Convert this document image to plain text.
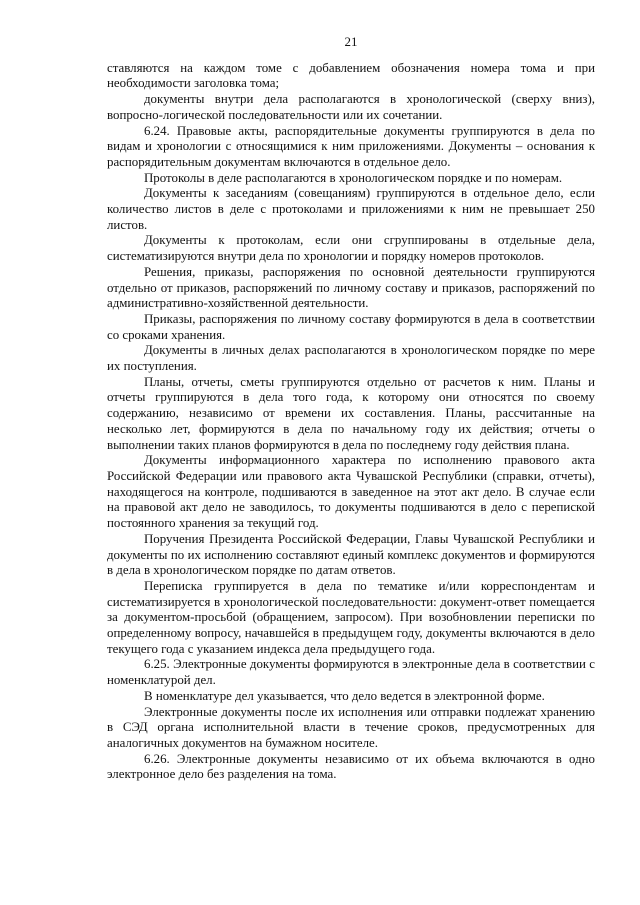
21

ставляются на каждом томе с добавлением обозначения номера тома и при необходимости заголовка тома;

документы внутри дела располагаются в хронологической (сверху вниз), вопросно-логической последовательности или их сочетании.

6.24. Правовые акты, распорядительные документы группируются в дела по видам и хронологии с относящимися к ним приложениями. Документы – основания к распорядительным документам включаются в отдельное дело.

Протоколы в деле располагаются в хронологическом порядке и по номерам.

Документы к заседаниям (совещаниям) группируются в отдельное дело, если количество листов в деле с протоколами и приложениями к ним не превышает 250 листов.

Документы к протоколам, если они сгруппированы в отдельные дела, систематизируются внутри дела по хронологии и порядку номеров протоколов.

Решения, приказы, распоряжения по основной деятельности группируются отдельно от приказов, распоряжений по личному составу и приказов, распоряжений по административно-хозяйственной деятельности.

Приказы, распоряжения по личному составу формируются в дела в соответствии со сроками хранения.

Документы в личных делах располагаются в хронологическом порядке по мере их поступления.

Планы, отчеты, сметы группируются отдельно от расчетов к ним. Планы и отчеты группируются в дела того года, к которому они относятся по своему содержанию, независимо от времени их составления. Планы, рассчитанные на несколько лет, формируются в дела по начальному году их действия; отчеты о выполнении таких планов формируются в дела по последнему году действия плана.

Документы информационного характера по исполнению правового акта Российской Федерации или правового акта Чувашской Республики (справки, отчеты), находящегося на контроле, подшиваются в заведенное на этот акт дело. В случае если на правовой акт дело не заводилось, то документы подшиваются в дело с перепиской постоянного хранения за текущий год.

Поручения Президента Российской Федерации, Главы Чувашской Республики и документы по их исполнению составляют единый комплекс документов и формируются в дела в хронологическом порядке по датам ответов.

Переписка группируется в дела по тематике и/или корреспондентам и систематизируется в хронологической последовательности: документ-ответ помещается за документом-просьбой (обращением, запросом). При возобновлении переписки по определенному вопросу, начавшейся в предыдущем году, документы включаются в дело текущего года с указанием индекса дела предыдущего года.

6.25. Электронные документы формируются в электронные дела в соответствии с номенклатурой дел.

В номенклатуре дел указывается, что дело ведется в электронной форме.

Электронные документы после их исполнения или отправки подлежат хранению в СЭД органа исполнительной власти в течение сроков, предусмотренных для аналогичных документов на бумажном носителе.

6.26. Электронные документы независимо от их объема включаются в одно электронное дело без разделения на тома.
